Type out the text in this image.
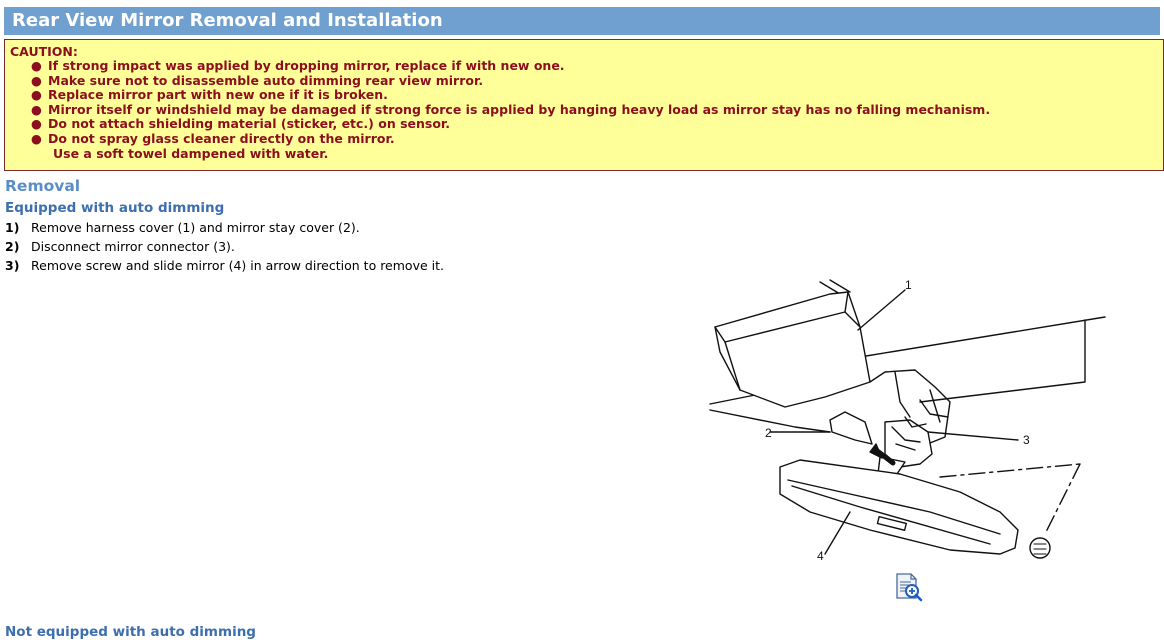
Rear View Mirror Removal and Installation
CAUTION:
● If strong impact was applied by dropping mirror, replace if with new one.
● Make sure not to disassemble auto dimming rear view mirror.
● Replace mirror part with new one if it is broken.
● Mirror itself or windshield may be damaged if strong force is applied by hanging heavy load as mirror stay has no falling mechanism.
● Do not attach shielding material (sticker, etc.) on sensor.
● Do not spray glass cleaner directly on the mirror.
Use a soft towel dampened with water.
Removal
Equipped with auto dimming
1) Remove harness cover (1) and mirror stay cover (2).
2) Disconnect mirror connector (3).
3) Remove screw and slide mirror (4) in arrow direction to remove it.
1
2	3
4
Not equipped with auto dimming
